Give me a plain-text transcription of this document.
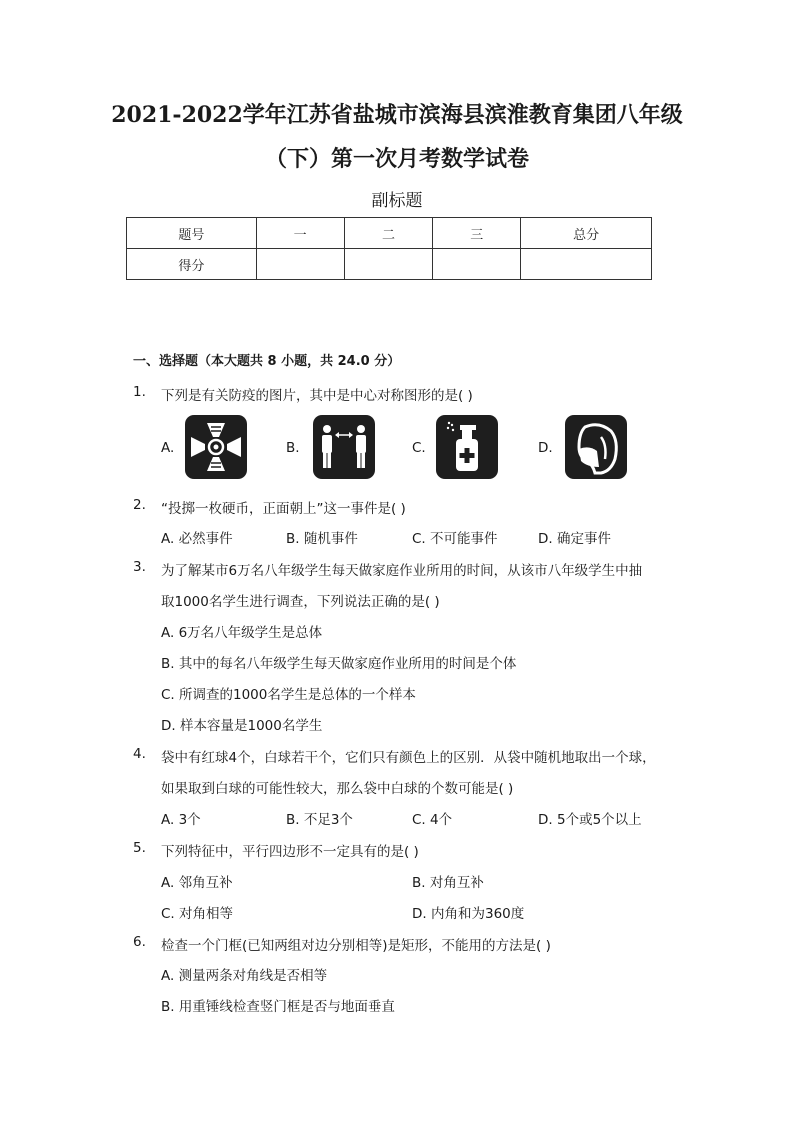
2021-2022学年江苏省盐城市滨海县滨淮教育集团八年级
（下）第一次月考数学试卷
副标题
题号	一	二	三	总分
得分				
一、选择题（本大题共 8 小题，共 24.0 分）
1. 下列是有关防疫的图片，其中是中心对称图形的是( )
A.	B.	C.	D.
2. “投掷一枚硬币，正面朝上”这一事件是( )
A. 必然事件	B. 随机事件	C. 不可能事件	D. 确定事件
3. 为了解某市6万名八年级学生每天做家庭作业所用的时间，从该市八年级学生中抽
取1000名学生进行调查，下列说法正确的是( )
A. 6万名八年级学生是总体
B. 其中的每名八年级学生每天做家庭作业所用的时间是个体
C. 所调查的1000名学生是总体的一个样本
D. 样本容量是1000名学生
4. 袋中有红球4个，白球若干个，它们只有颜色上的区别．从袋中随机地取出一个球，
如果取到白球的可能性较大，那么袋中白球的个数可能是( )
A. 3个	B. 不足3个	C. 4个	D. 5个或5个以上
5. 下列特征中，平行四边形不一定具有的是( )
A. 邻角互补	B. 对角互补
C. 对角相等	D. 内角和为360度
6. 检查一个门框(已知两组对边分别相等)是矩形，不能用的方法是( )
A. 测量两条对角线是否相等
B. 用重锤线检查竖门框是否与地面垂直
